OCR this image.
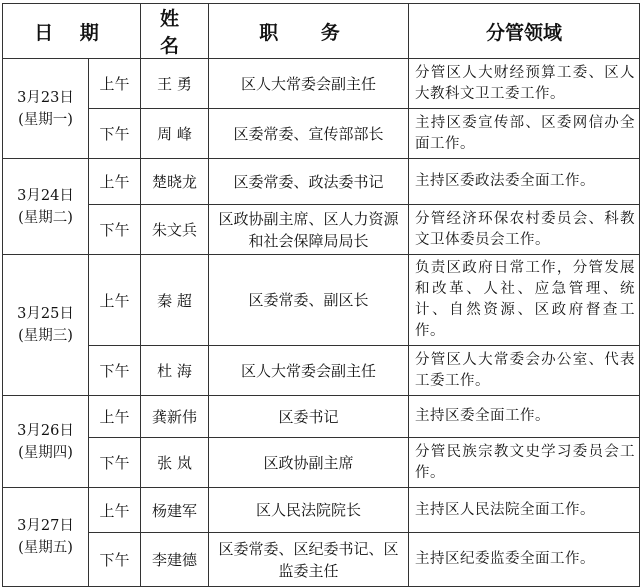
日 期		姓 名	职 务	分管领域

3月23日
(星期一)	上午	王 勇	区人大常委会副主任	分管区人大财经预算工委、区人大教科文卫工委工作。
	下午	周 峰	区委常委、宣传部部长	主持区委宣传部、区委网信办全面工作。

3月24日
(星期二)	上午	楚晓龙	区委常委、政法委书记	主持区委政法委全面工作。
	下午	朱文兵	区政协副主席、区人力资源和社会保障局局长	分管经济环保农村委员会、科教文卫体委员会工作。

3月25日
(星期三)	上午	秦 超	区委常委、副区长	负责区政府日常工作，分管发展和改革、人社、应急管理、统计、自然资源、区政府督查工作。
	下午	杜 海	区人大常委会副主任	分管区人大常委会办公室、代表工委工作。

3月26日
(星期四)	上午	龚新伟	区委书记	主持区委全面工作。
	下午	张 岚	区政协副主席	分管民族宗教文史学习委员会工作。

3月27日
(星期五)	上午	杨建军	区人民法院院长	主持区人民法院全面工作。
	下午	李建德	区委常委、区纪委书记、区监委主任	主持区纪委监委全面工作。
